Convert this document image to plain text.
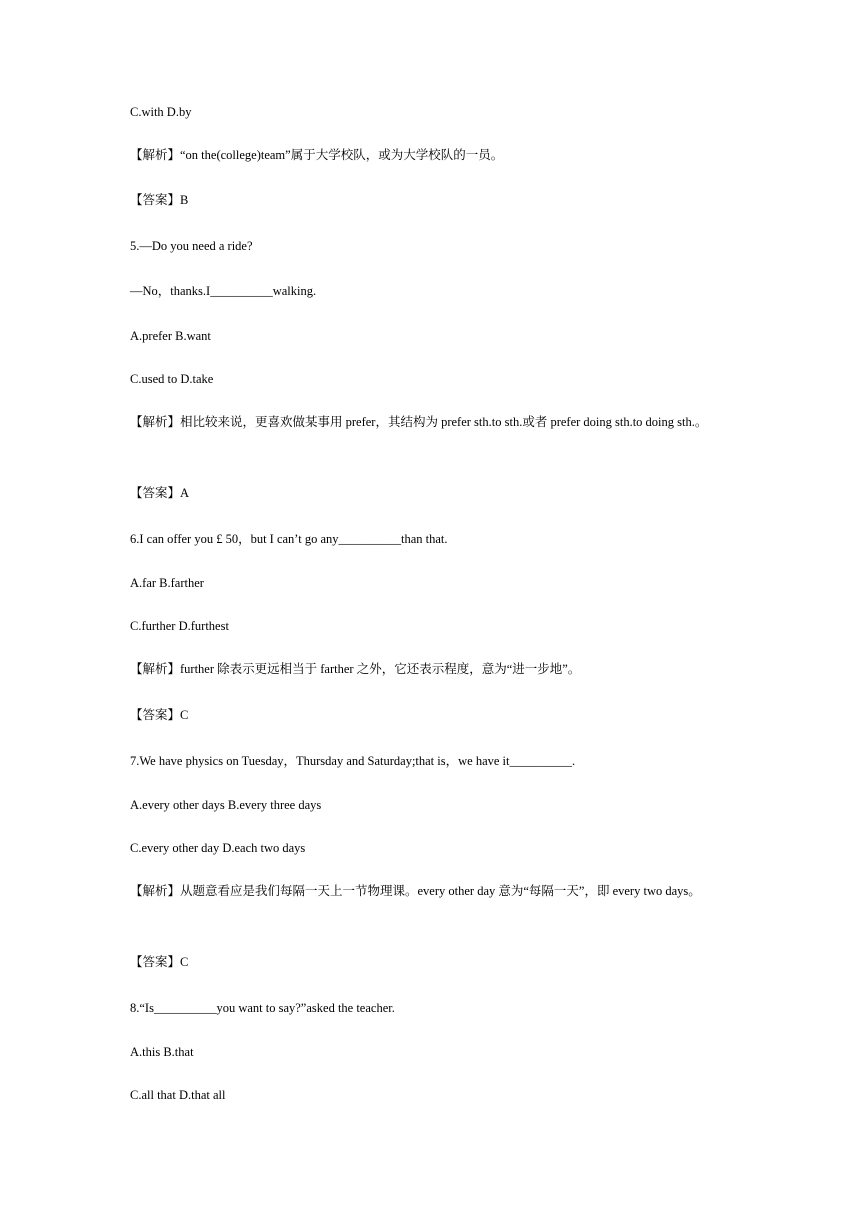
C.with D.by
【解析】“on the(college)team”属于大学校队，或为大学校队的一员。
【答案】B
5.—Do you need a ride?
—No，thanks.I__________walking.
A.prefer B.want
C.used to D.take
【解析】相比较来说，更喜欢做某事用 prefer，其结构为 prefer sth.to sth.或者 prefer doing sth.to doing sth.。
【答案】A
6.I can offer you £ 50，but I can’t go any__________than that.
A.far B.farther
C.further D.furthest
【解析】further 除表示更远相当于 farther 之外，它还表示程度，意为“进一步地”。
【答案】C
7.We have physics on Tuesday，Thursday and Saturday;that is，we have it__________.
A.every other days B.every three days
C.every other day D.each two days
【解析】从题意看应是我们每隔一天上一节物理课。every other day 意为“每隔一天”，即 every two days。
【答案】C
8.“Is__________you want to say?”asked the teacher.
A.this B.that
C.all that D.that all
